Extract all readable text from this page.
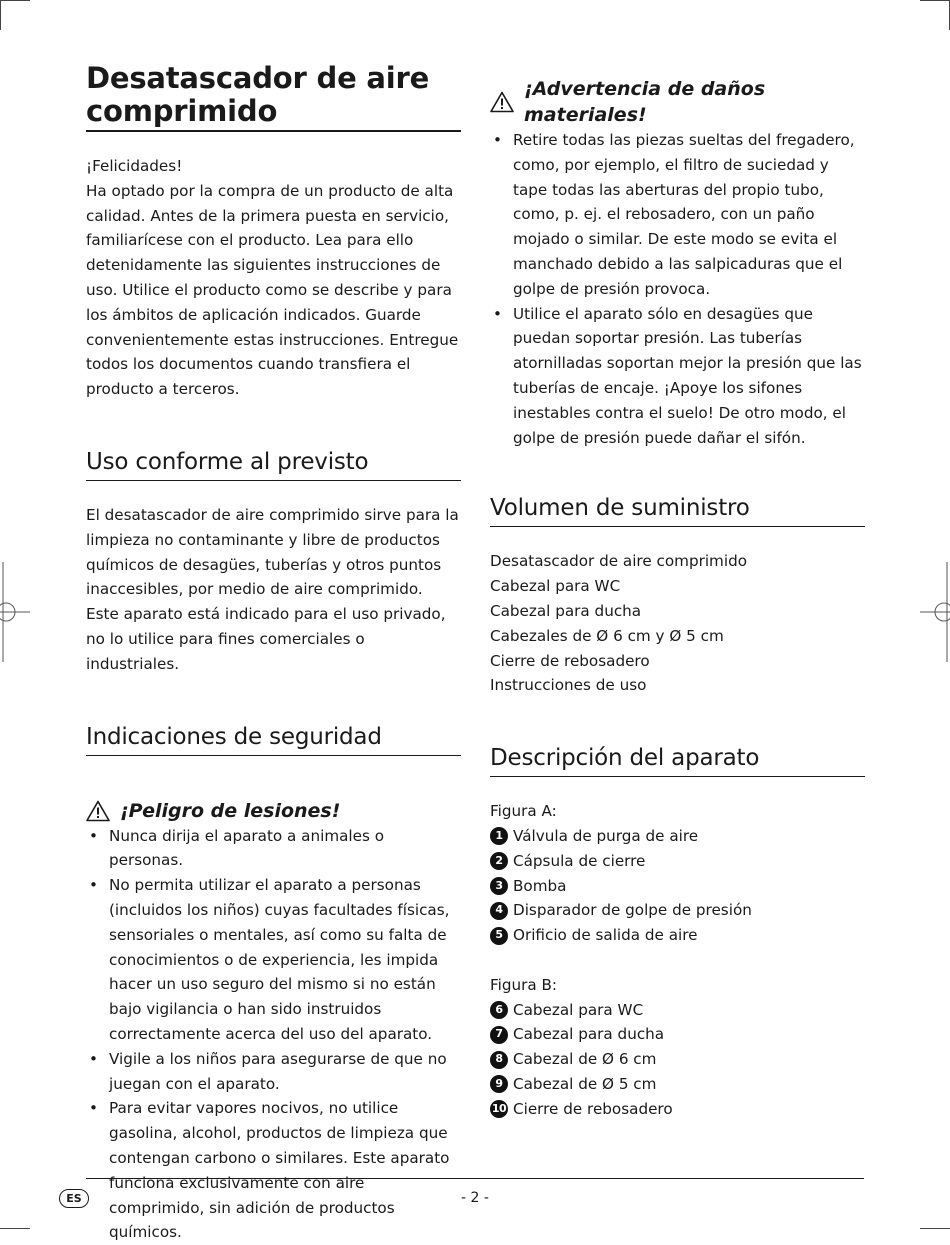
Desatascador de aire comprimido

¡Felicidades!

Ha optado por la compra de un producto de alta calidad. Antes de la primera puesta en servicio, familiarícese con el producto. Lea para ello detenidamente las siguientes instrucciones de uso. Utilice el producto como se describe y para los ámbitos de aplicación indicados. Guarde convenientemente estas instrucciones. Entregue todos los documentos cuando transfiera el producto a terceros.

Uso conforme al previsto

El desatascador de aire comprimido sirve para la limpieza no contaminante y libre de productos químicos de desagües, tuberías y otros puntos inaccesibles, por medio de aire comprimido.

Este aparato está indicado para el uso privado, no lo utilice para fines comerciales o industriales.

Indicaciones de seguridad
¡Peligro de lesiones!
• Nunca dirija el aparato a animales o personas.
• No permita utilizar el aparato a personas (incluidos los niños) cuyas facultades físicas, sensoriales o mentales, así como su falta de conocimientos o de experiencia, les impida hacer un uso seguro del mismo si no están bajo vigilancia o han sido instruidos correctamente acerca del uso del aparato.
• Vigile a los niños para asegurarse de que no juegan con el aparato.
• Para evitar vapores nocivos, no utilice gasolina, alcohol, productos de limpieza que contengan carbono o similares. Este aparato funciona exclusivamente con aire comprimido, sin adición de productos químicos.
¡Advertencia de daños materiales!
• Retire todas las piezas sueltas del fregadero, como, por ejemplo, el filtro de suciedad y tape todas las aberturas del propio tubo, como, p. ej. el rebosadero, con un paño mojado o similar. De este modo se evita el manchado debido a las salpicaduras que el golpe de presión provoca.
• Utilice el aparato sólo en desagües que puedan soportar presión. Las tuberías atornilladas soportan mejor la presión que las tuberías de encaje. ¡Apoye los sifones inestables contra el suelo! De otro modo, el golpe de presión puede dañar el sifón.
Volumen de suministro

Desatascador de aire comprimido

Cabezal para WC

Cabezal para ducha

Cabezales de Ø 6 cm y Ø 5 cm

Cierre de rebosadero

Instrucciones de uso

Descripción del aparato

Figura A:

1 Válvula de purga de aire
2 Cápsula de cierre
3 Bomba
4 Disparador de golpe de presión
5 Orificio de salida de aire

Figura B:

6 Cabezal para WC
7 Cabezal para ducha
8 Cabezal de Ø 6 cm
9 Cabezal de Ø 5 cm
10 Cierre de rebosadero
ES	- 2 -
